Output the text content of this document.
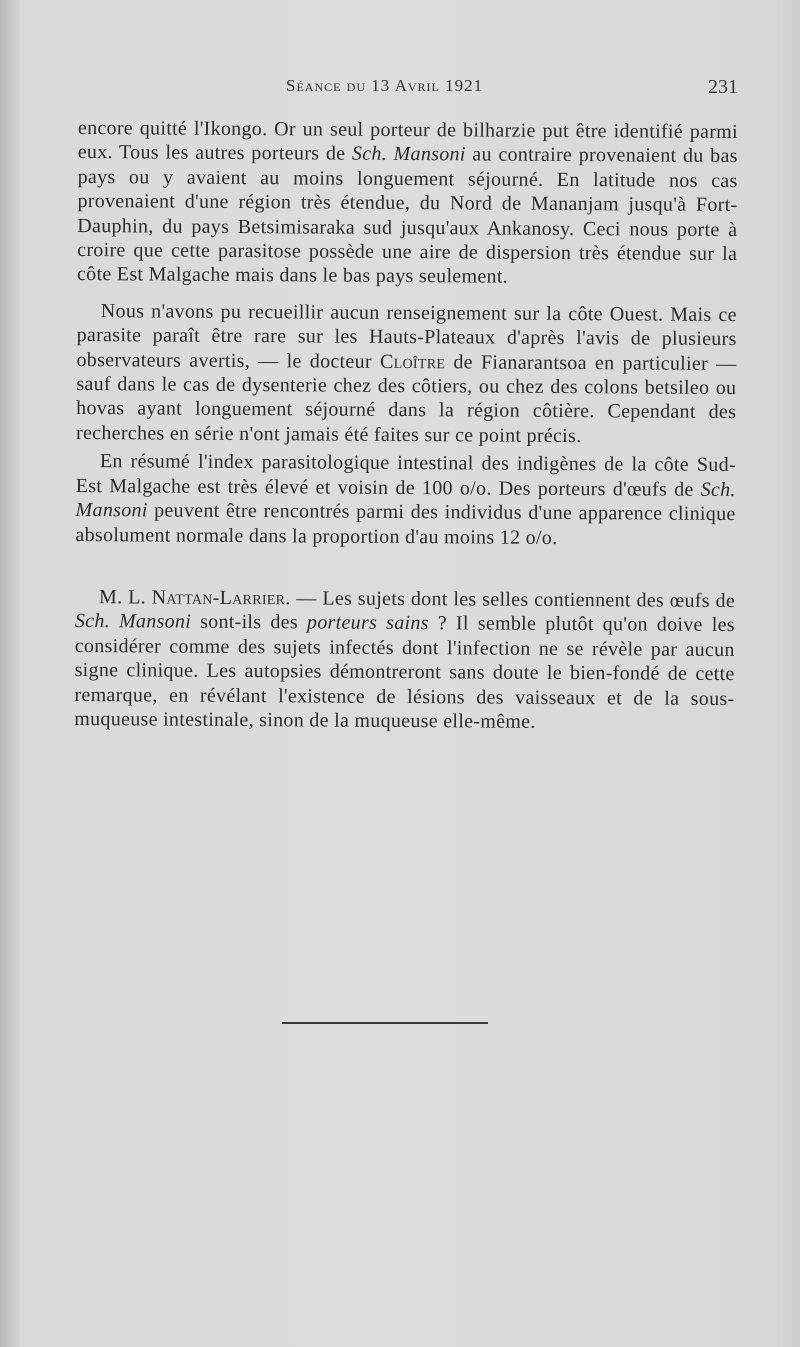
Séance du 13 Avril 1921	231

encore quitté l'Ikongo. Or un seul porteur de bilharzie put être identifié parmi eux. Tous les autres porteurs de Sch. Mansoni au contraire provenaient du bas pays ou y avaient au moins longuement séjourné. En latitude nos cas provenaient d'une région très étendue, du Nord de Mananjam jusqu'à Fort-Dauphin, du pays Betsimisaraka sud jusqu'aux Ankanosy. Ceci nous porte à croire que cette parasitose possède une aire de dispersion très étendue sur la côte Est Malgache mais dans le bas pays seulement.

Nous n'avons pu recueillir aucun renseignement sur la côte Ouest. Mais ce parasite paraît être rare sur les Hauts-Plateaux d'après l'avis de plusieurs observateurs avertis, — le docteur Cloître de Fianarantsoa en particulier — sauf dans le cas de dysenterie chez des côtiers, ou chez des colons betsileo ou hovas ayant longuement séjourné dans la région côtière. Cependant des recherches en série n'ont jamais été faites sur ce point précis.

En résumé l'index parasitologique intestinal des indigènes de la côte Sud-Est Malgache est très élevé et voisin de 100 o/o. Des porteurs d'œufs de Sch. Mansoni peuvent être rencontrés parmi des individus d'une apparence clinique absolument normale dans la proportion d'au moins 12 o/o.

M. L. Nattan-Larrier. — Les sujets dont les selles contiennent des œufs de Sch. Mansoni sont-ils des porteurs sains ? Il semble plutôt qu'on doive les considérer comme des sujets infectés dont l'infection ne se révèle par aucun signe clinique. Les autopsies démontreront sans doute le bien-fondé de cette remarque, en révélant l'existence de lésions des vaisseaux et de la sous-muqueuse intestinale, sinon de la muqueuse elle-même.
